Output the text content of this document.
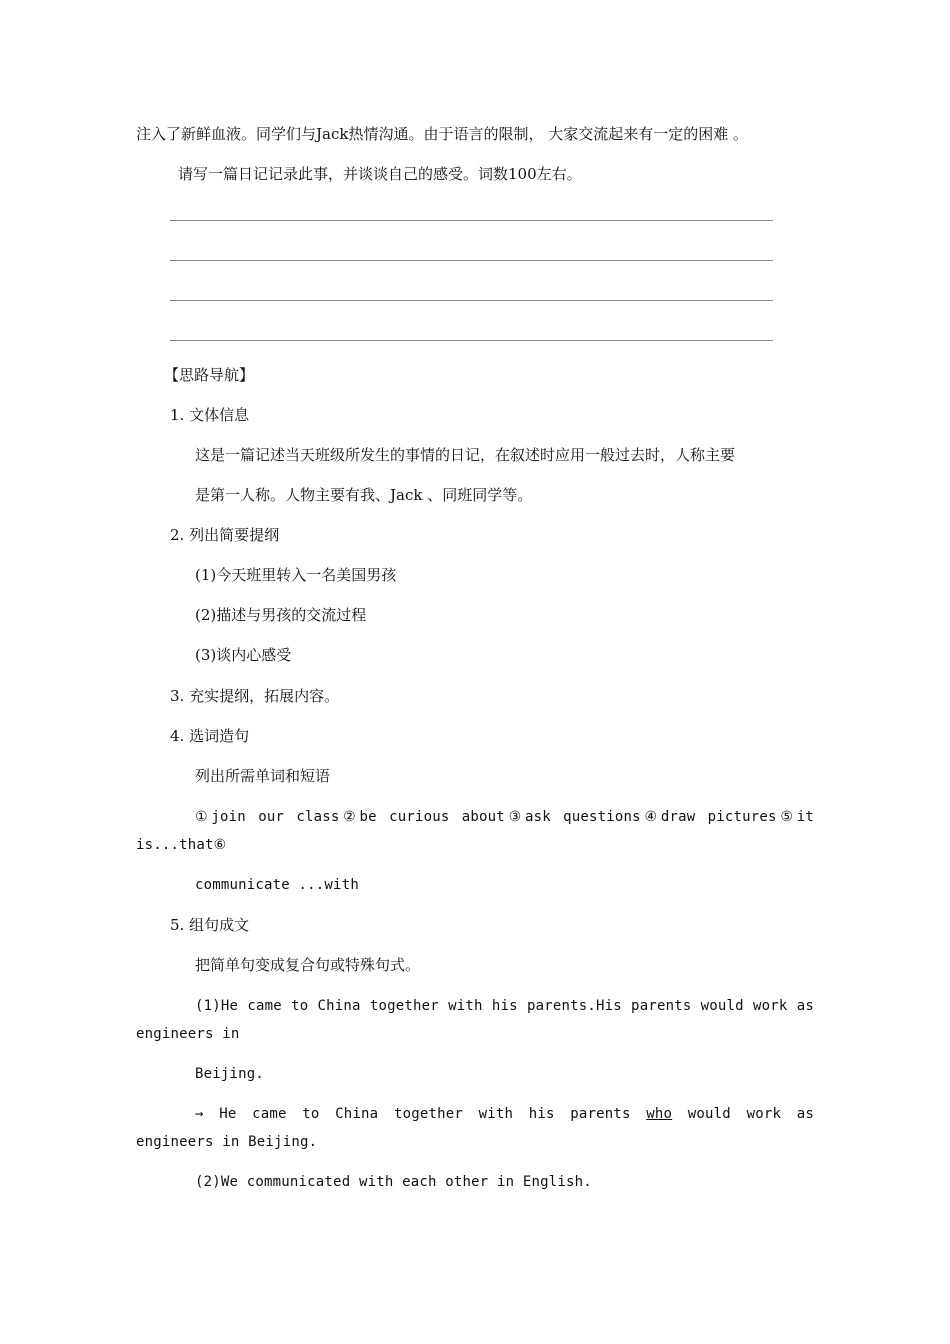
注入了新鲜血液。同学们与Jack热情沟通。由于语言的限制， 大家交流起来有一定的困难 。
请写一篇日记记录此事，并谈谈自己的感受。词数100左右。
【思路导航】
1. 文体信息
这是一篇记述当天班级所发生的事情的日记，在叙述时应用一般过去时，人称主要
是第一人称。人物主要有我、Jack 、同班同学等。
2. 列出简要提纲
(1)今天班里转入一名美国男孩
(2)描述与男孩的交流过程
(3)谈内心感受
3. 充实提纲，拓展内容。
4. 选词造句
列出所需单词和短语
①join our class②be curious about③ask questions④draw pictures⑤it
is...that⑥
communicate ...with
5. 组句成文
把简单句变成复合句或特殊句式。
(1)He came to China together with his parents.His parents would work as
engineers in
Beijing.
→ He came to China together with his parents who would work as
engineers in Beijing.
(2)We communicated with each other in English.
